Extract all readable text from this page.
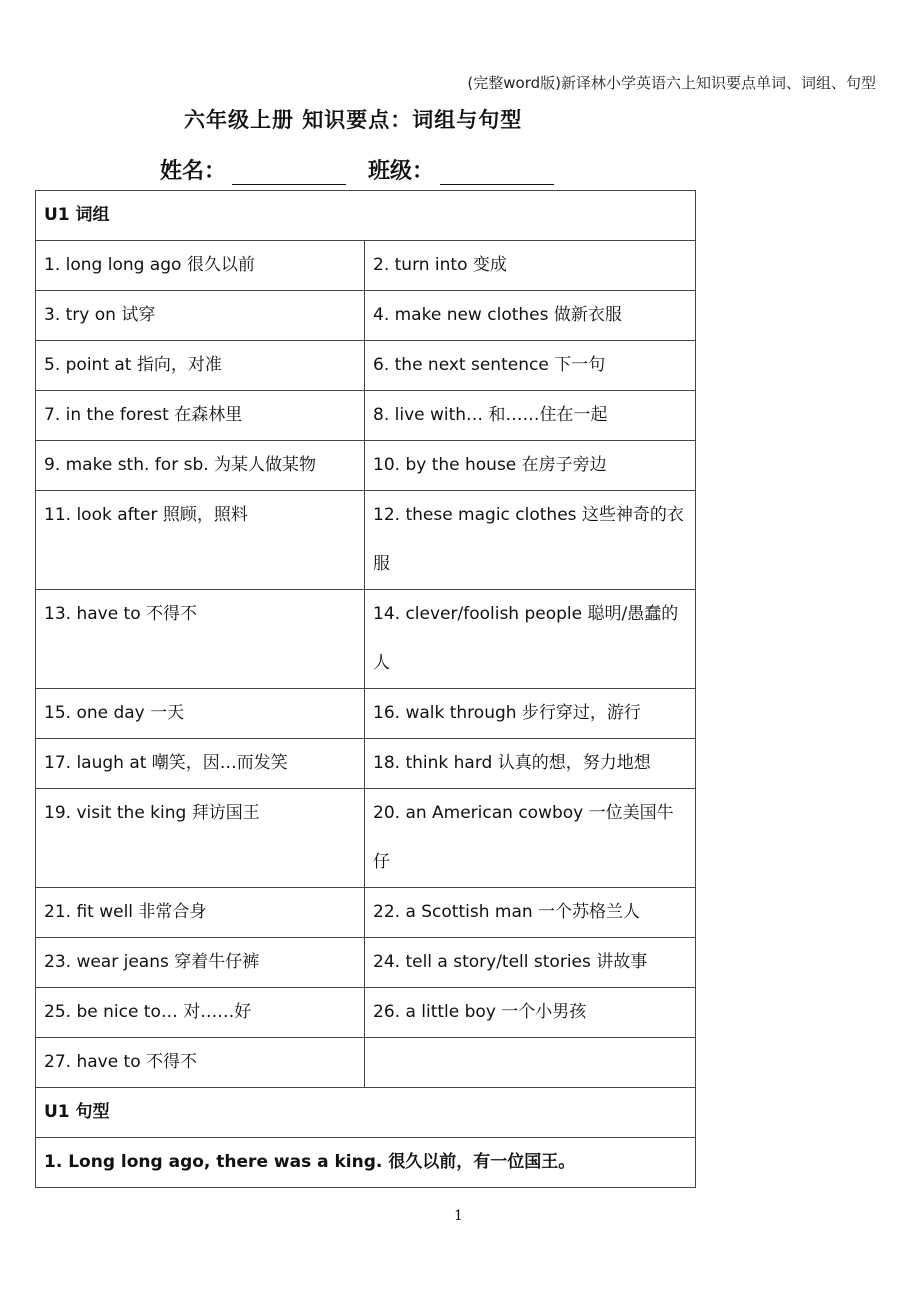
(完整word版)新译林小学英语六上知识要点单词、词组、句型
六年级上册 知识要点：词组与句型
姓名：	班级：
U1 词组	
1. long long ago 很久以前	2. turn into 变成
3. try on 试穿	4. make new clothes 做新衣服
5. point at 指向，对准	6. the next sentence 下一句
7. in the forest 在森林里	8. live with… 和……住在一起
9. make sth. for sb. 为某人做某物	10. by the house 在房子旁边
11. look after 照顾，照料	12. these magic clothes 这些神奇的衣服
13. have to 不得不	14. clever/foolish people 聪明/愚蠢的人
15. one day 一天	16. walk through 步行穿过，游行
17. laugh at 嘲笑，因…而发笑	18. think hard 认真的想，努力地想
19. visit the king 拜访国王	20. an American cowboy 一位美国牛仔
21. fit well 非常合身	22. a Scottish man 一个苏格兰人
23. wear jeans 穿着牛仔裤	24. tell a story/tell stories 讲故事
25. be nice to… 对……好	26. a little boy 一个小男孩
27. have to 不得不	
U1 句型	
1. Long long ago, there was a king. 很久以前，有一位国王。	
1
